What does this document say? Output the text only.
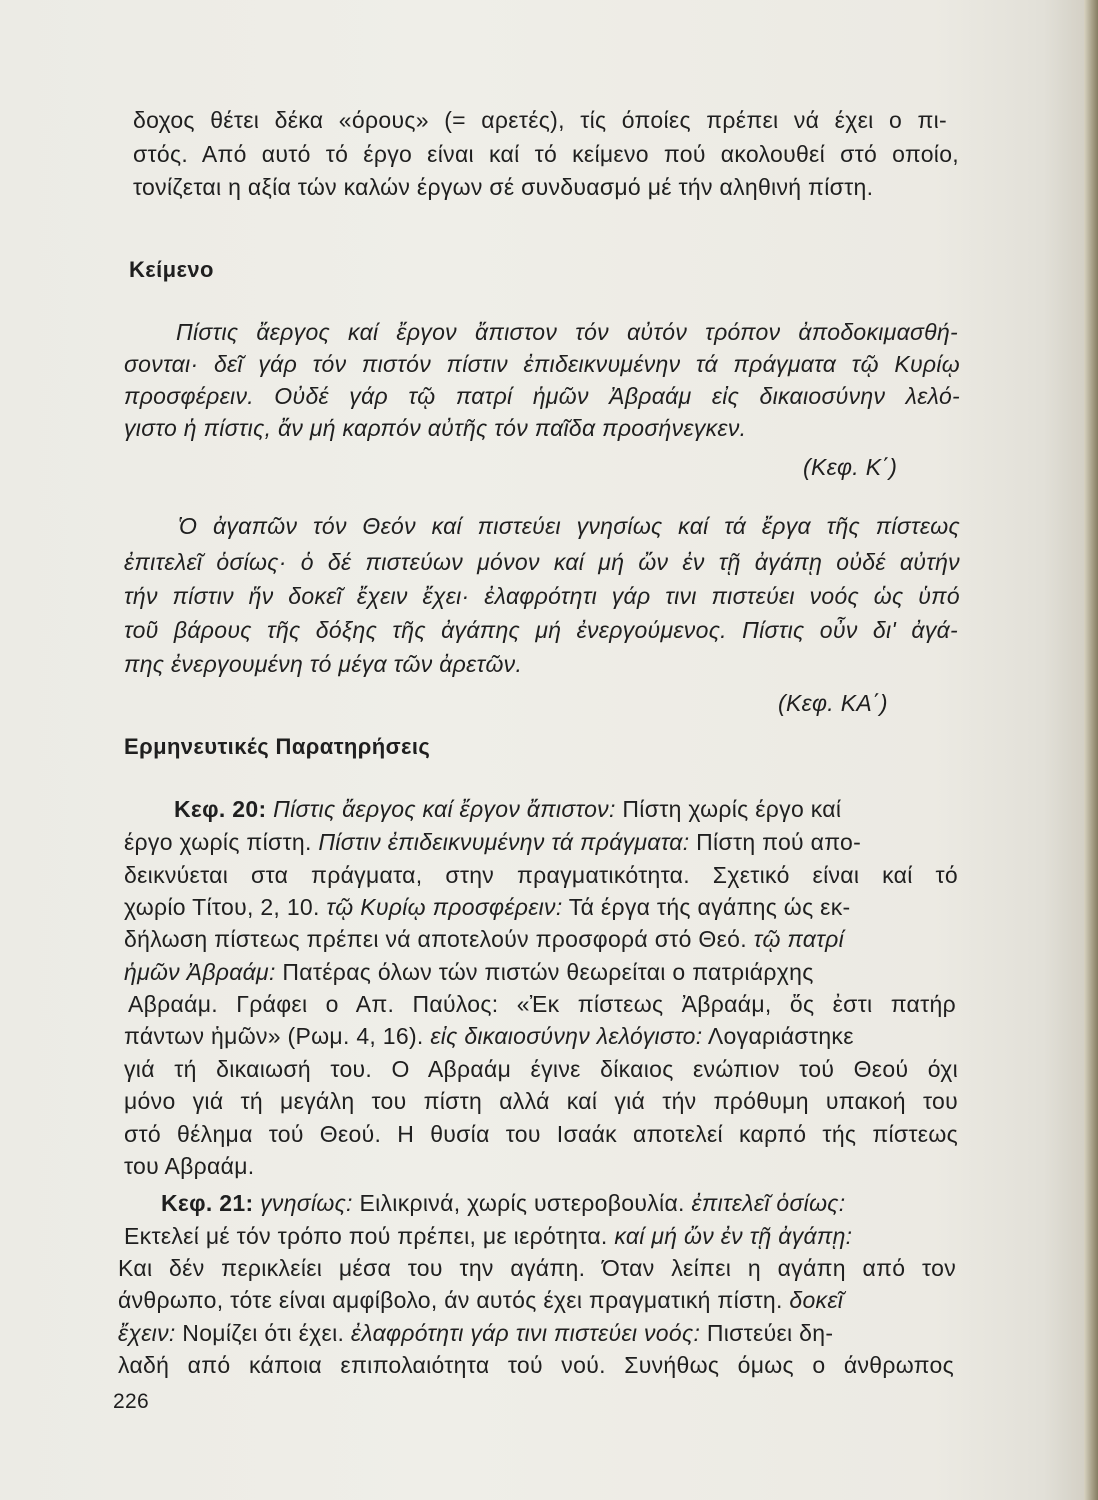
δοχος θέτει δέκα «όρους» (= αρετές), τίς όποίες πρέπει νά έχει ο πι-
στός. Από αυτό τό έργο είναι καί τό κείμενο πού ακολουθεί στό οποίο,
τονίζεται η αξία τών καλών έργων σέ συνδυασμό μέ τήν αληθινή πίστη.
Κείμενο
Πίστις ἄεργος καί ἔργον ἄπιστον τόν αὐτόν τρόπον ἀποδοκιμασθή-
σονται· δεῖ γάρ τόν πιστόν πίστιν ἐπιδεικνυμένην τά πράγματα τῷ Κυρίῳ
προσφέρειν. Οὐδέ γάρ τῷ πατρί ἡμῶν Ἀβραάμ εἰς δικαιοσύνην λελό-
γιστο ἡ πίστις, ἄν μή καρπόν αὐτῆς τόν παῖδα προσήνεγκεν.
(Κεφ. Κ΄)
Ὁ ἀγαπῶν τόν Θεόν καί πιστεύει γνησίως καί τά ἔργα τῆς πίστεως
ἐπιτελεῖ ὁσίως· ὁ δέ πιστεύων μόνον καί μή ὤν ἐν τῇ ἀγάπῃ οὐδέ αὐτήν
τήν πίστιν ἥν δοκεῖ ἔχειν ἔχει· ἐλαφρότητι γάρ τινι πιστεύει νοός ὡς ὑπό
τοῦ βάρους τῆς δόξης τῆς ἀγάπης μή ἐνεργούμενος. Πίστις οὖν δι' ἀγά-
πης ἐνεργουμένη τό μέγα τῶν ἀρετῶν.
(Κεφ. ΚΑ΄)
Ερμηνευτικές Παρατηρήσεις
Κεφ. 20: Πίστις ἄεργος καί ἔργον ἄπιστον: Πίστη χωρίς έργο καί
έργο χωρίς πίστη. Πίστιν ἐπιδεικνυμένην τά πράγματα: Πίστη πού απο-
δεικνύεται στα πράγματα, στην πραγματικότητα. Σχετικό είναι καί τό
χωρίο Τίτου, 2, 10. τῷ Κυρίῳ προσφέρειν: Τά έργα τής αγάπης ώς εκ-
δήλωση πίστεως πρέπει νά αποτελούν προσφορά στό Θεό. τῷ πατρί
ἡμῶν Ἀβραάμ: Πατέρας όλων τών πιστών θεωρείται ο πατριάρχης
Αβραάμ. Γράφει ο Απ. Παύλος: «Ἐκ πίστεως Ἀβραάμ, ὅς ἐστι πατήρ
πάντων ἡμῶν» (Ρωμ. 4, 16). εἰς δικαιοσύνην λελόγιστο: Λογαριάστηκε
γιά τή δικαιωσή του. Ο Αβραάμ έγινε δίκαιος ενώπιον τού Θεού όχι
μόνο γιά τή μεγάλη του πίστη αλλά καί γιά τήν πρόθυμη υπακοή του
στό θέλημα τού Θεού. Η θυσία του Ισαάκ αποτελεί καρπό τής πίστεως
του Αβραάμ.
Κεφ. 21: γνησίως: Ειλικρινά, χωρίς υστεροβουλία. ἐπιτελεῖ ὁσίως:
Εκτελεί μέ τόν τρόπο πού πρέπει, με ιερότητα. καί μή ὤν ἐν τῇ ἀγάπῃ:
Και δέν περικλείει μέσα του την αγάπη. Όταν λείπει η αγάπη από τον
άνθρωπο, τότε είναι αμφίβολο, άν αυτός έχει πραγματική πίστη. δοκεῖ
ἔχειν: Νομίζει ότι έχει. ἐλαφρότητι γάρ τινι πιστεύει νοός: Πιστεύει δη-
λαδή από κάποια επιπολαιότητα τού νού. Συνήθως όμως ο άνθρωπος
226
